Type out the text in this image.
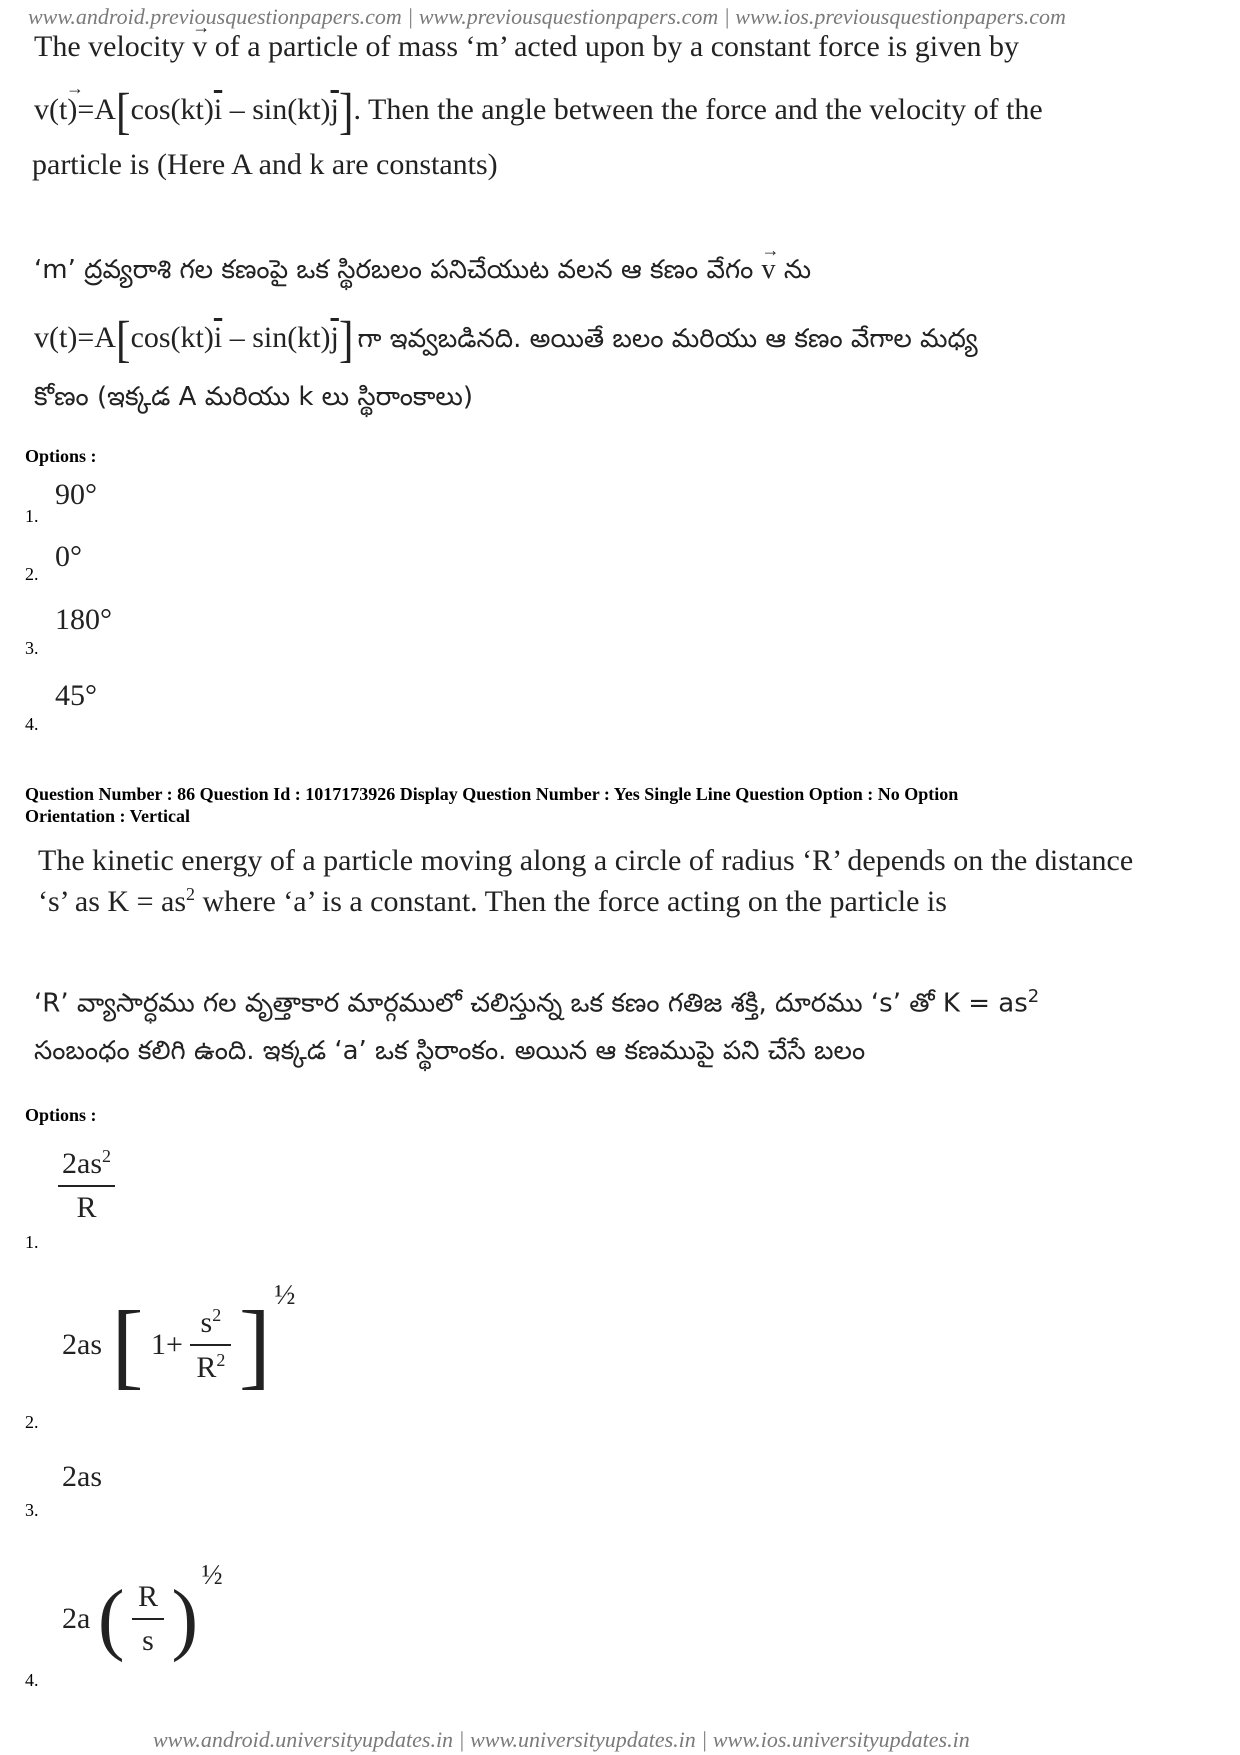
www.android.previousquestionpapers.com | www.previousquestionpapers.com | www.ios.previousquestionpapers.com
The velocity → v of a particle of mass ‘m’ acted upon by a constant force is given by
→ $v(t)=A[\cos(kt)\overline{i} - \sin(kt)\overline{j}]$. Then the angle between the force and the velocity of the
particle is (Here A and k are constants)
‘m’ ద్రవ్యరాశి గల కణంపై ఒక స్థిరబలం పనిచేయుట వలన ఆ కణం వేగం → v ను
$v(t)=A[\cos(kt)\overline{i} - \sin(kt)\overline{j}]$ గా ఇవ్వబడినది. అయితే బలం మరియు ఆ కణం వేగాల మధ్య
కోణం (ఇక్కడ A మరియు k లు స్థిరాంకాలు)
Options :
90°
1.
0°
2.
180°
3.
45°
4.
Question Number : 86 Question Id : 1017173926 Display Question Number : Yes Single Line Question Option : No Option
Orientation : Vertical
The kinetic energy of a particle moving along a circle of radius ‘R’ depends on the distance
‘s’ as $K = as^2$ where ‘a’ is a constant. Then the force acting on the particle is
‘R’ వ్యాసార్ధము గల వృత్తాకార మార్గములో చలిస్తున్న ఒక కణం గతిజ శక్తి, దూరము ‘s’ తో $K = as^2$
సంబంధం కలిగి ఉంది. ఇక్కడ ‘a’ ఒక స్థిరాంకం. అయిన ఆ కణముపై పని చేసే బలం
Options :
$\frac{2as^2}{R}$
1.
2as [ $1+ \frac{s^2}{R^2}$ ] ½
2.
2as
3.
2a ( $\frac{R}{s}$ ) ½
4.
www.android.universityupdates.in | www.universityupdates.in | www.ios.universityupdates.in
